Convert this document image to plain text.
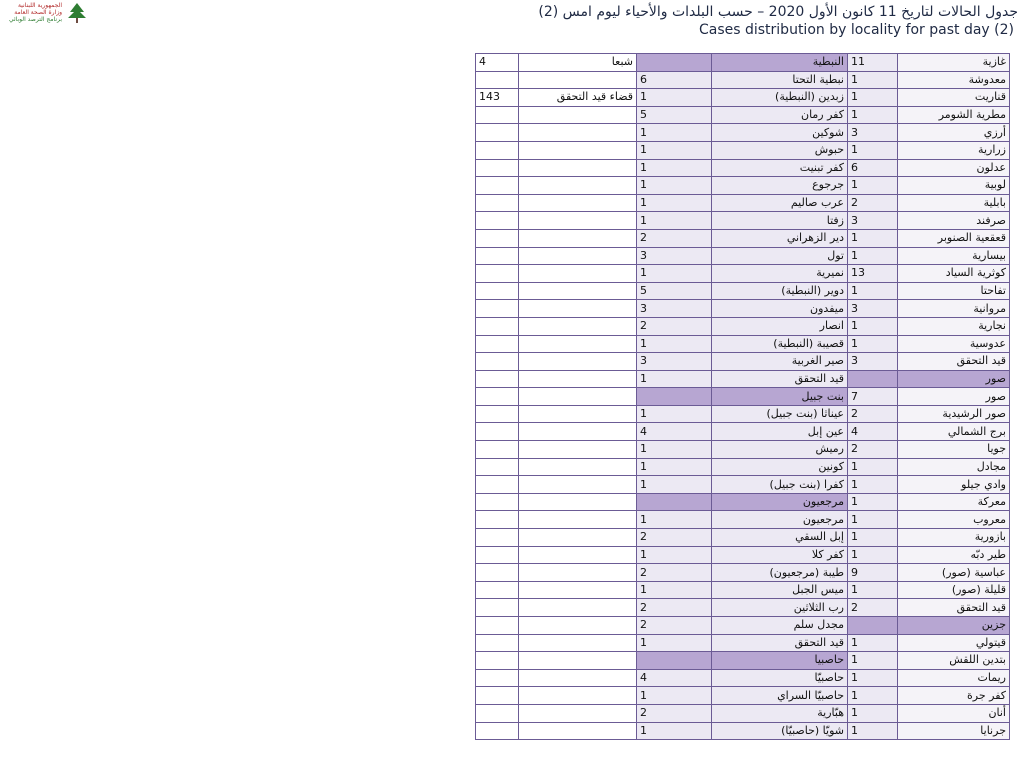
الجمهورية اللبنانية
وزارة الصحة العامة
برنامج الترصد الوبائي	جدول الحالات لتاريخ 11 كانون الأول 2020 – حسب البلدات والأحياء ليوم امس (2)
Cases distribution by locality for past day (2)
4	شبعا		النبطية	11	غازية
		6	نبطية التحتا	1	معدوشة
143	قضاء قيد التحقق	1	زبدين (النبطية)	1	قناريت
		5	كفر رمان	1	مطرية الشومر
		1	شوكين	3	أرزي
		1	حبوش	1	زرارية
		1	كفر تبنيت	6	عدلون
		1	جرجوع	1	لوبية
		1	عرب صاليم	2	بابلية
		1	زفتا	3	صرفند
		2	دير الزهراني	1	قعقعية الصنوبر
		3	تول	1	بيسارية
		1	نميرية	13	كوثرية السياد
		5	دوير (النبطية)	1	تفاحتا
		3	ميفدون	3	مروانية
		2	انصار	1	نجارية
		1	قصيبة (النبطية)	1	عدوسية
		3	صير الغربية	3	قيد التحقق
		1	قيد التحقق		صور
			بنت جبيل	7	صور
		1	عيناثا (بنت جبيل)	2	صور الرشيدية
		4	عين إبل	4	برج الشمالي
		1	رميش	2	جويا
		1	كونين	1	مجادل
		1	كفرا (بنت جبيل)	1	وادي جيلو
			مرجعيون	1	معركة
		1	مرجعيون	1	معروب
		2	إبل السقي	1	بازورية
		1	كفر كلا	1	طير دبّه
		2	طيبة (مرجعيون)	9	عباسية (صور)
		1	ميس الجبل	1	قليلة (صور)
		2	رب الثلاثين	2	قيد التحقق
		2	مجدل سلم		جزين
		1	قيد التحقق	1	قيتولي
			حاصبيا	1	بتدين اللقش
		4	حاصبيّا	1	ريمات
		1	حاصبيّا السراي	1	كفر جرة
		2	هبّارية	1	أنان
		1	شويّا (حاصبيّا)	1	جرنايا
